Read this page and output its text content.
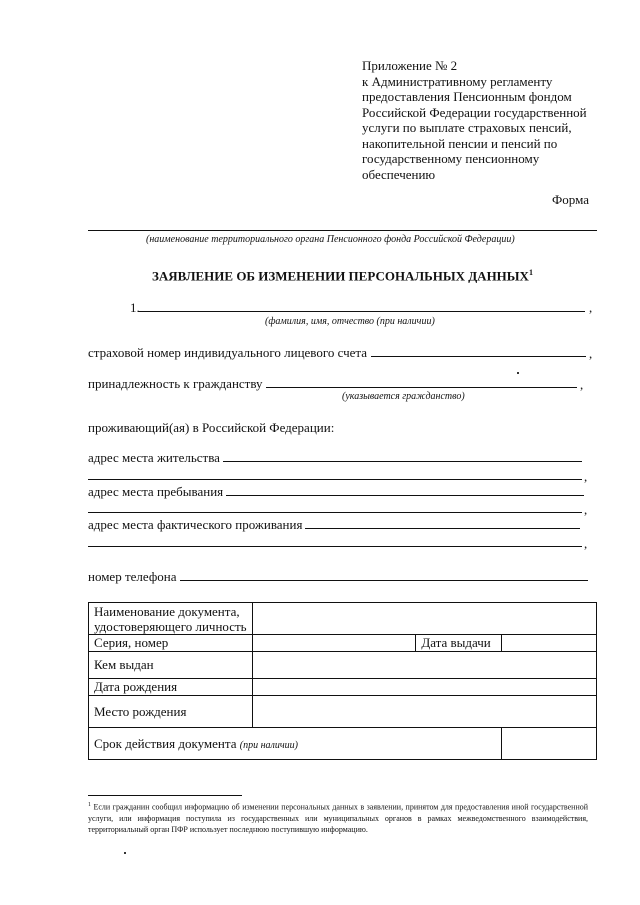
Приложение № 2
к Административному регламенту
предоставления Пенсионным фондом
Российской Федерации государственной
услуги по выплате страховых пенсий,
накопительной пенсии и пенсий по
государственному пенсионному
обеспечению
Форма
(наименование территориального органа Пенсионного фонда Российской Федерации)
ЗАЯВЛЕНИЕ ОБ ИЗМЕНЕНИИ ПЕРСОНАЛЬНЫХ ДАННЫХ$^1$
1.	,
(фамилия, имя, отчество (при наличии)
страховой номер индивидуального лицевого счета	,
принадлежность к гражданству	,
(указывается гражданство)
проживающий(ая) в Российской Федерации:
адрес места жительства
,
адрес места пребывания
,
адрес места фактического проживания
,
номер телефона
Наименование документа, удостоверяющего личность			
Серия, номер		Дата выдачи	
Кем выдан			
Дата рождения			
Место рождения			
Срок действия документа (при наличии)			
$^1$ Если гражданин сообщил информацию об изменении персональных данных в заявлении, принятом для предоставления иной государственной услуги, или информация поступила из государственных или муниципальных органов в рамках межведомственного взаимодействия, территориальный орган ПФР использует последнюю поступившую информацию.
